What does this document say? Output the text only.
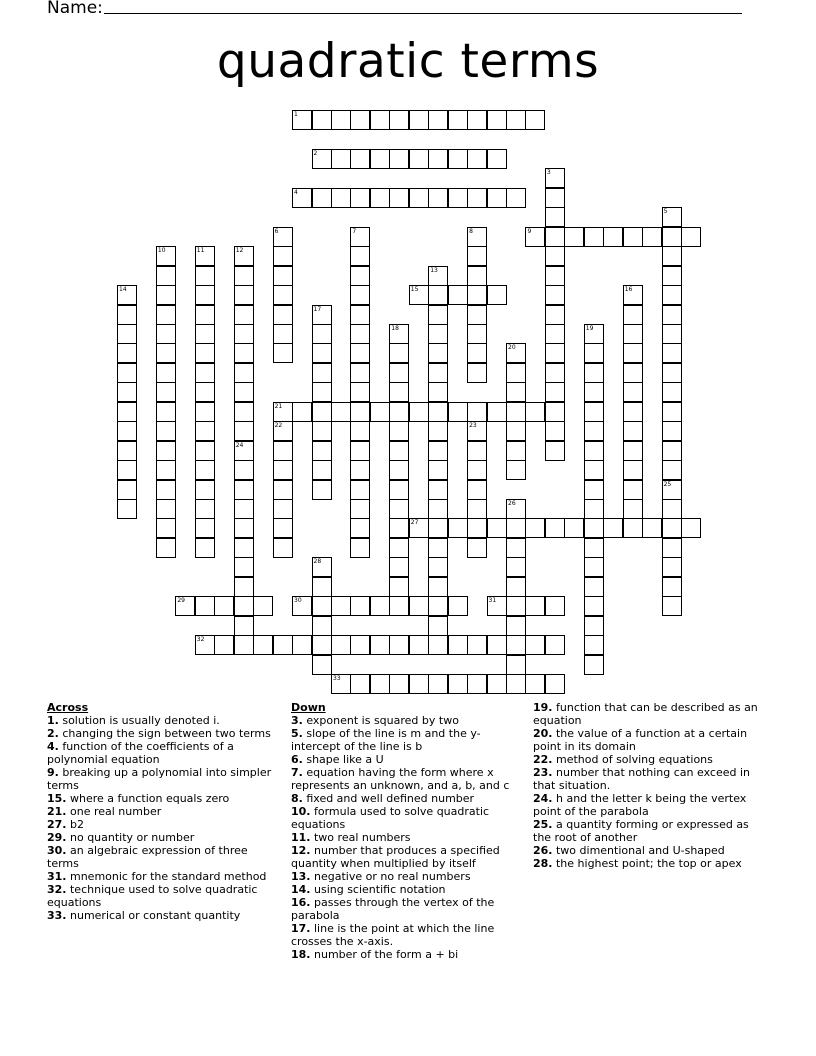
Name:
quadratic terms
1
2
4
9
15
21
27
29	30	31
32
33
3
5
25
6	7	8
10	11	12
13
14	16
17
18	19
20
22	23
24
26
28
Across
1. solution is usually denoted i.
2. changing the sign between two terms
4. function of the coefficients of a polynomial equation
9. breaking up a polynomial into simpler terms
15. where a function equals zero
21. one real number
27. b2
29. no quantity or number
30. an algebraic expression of three terms
31. mnemonic for the standard method
32. technique used to solve quadratic equations
33. numerical or constant quantity
Down
3. exponent is squared by two
5. slope of the line is m and the y-intercept of the line is b
6. shape like a U
7. equation having the form where x represents an unknown, and a, b, and c
8. fixed and well defined number
10. formula used to solve quadratic equations
11. two real numbers
12. number that produces a specified quantity when multiplied by itself
13. negative or no real numbers
14. using scientific notation
16. passes through the vertex of the parabola
17. line is the point at which the line crosses the x-axis.
18. number of the form a + bi
19. function that can be described as an equation
20. the value of a function at a certain point in its domain
22. method of solving equations
23. number that nothing can exceed in that situation.
24. h and the letter k being the vertex point of the parabola
25. a quantity forming or expressed as the root of another
26. two dimentional and U-shaped
28. the highest point; the top or apex
